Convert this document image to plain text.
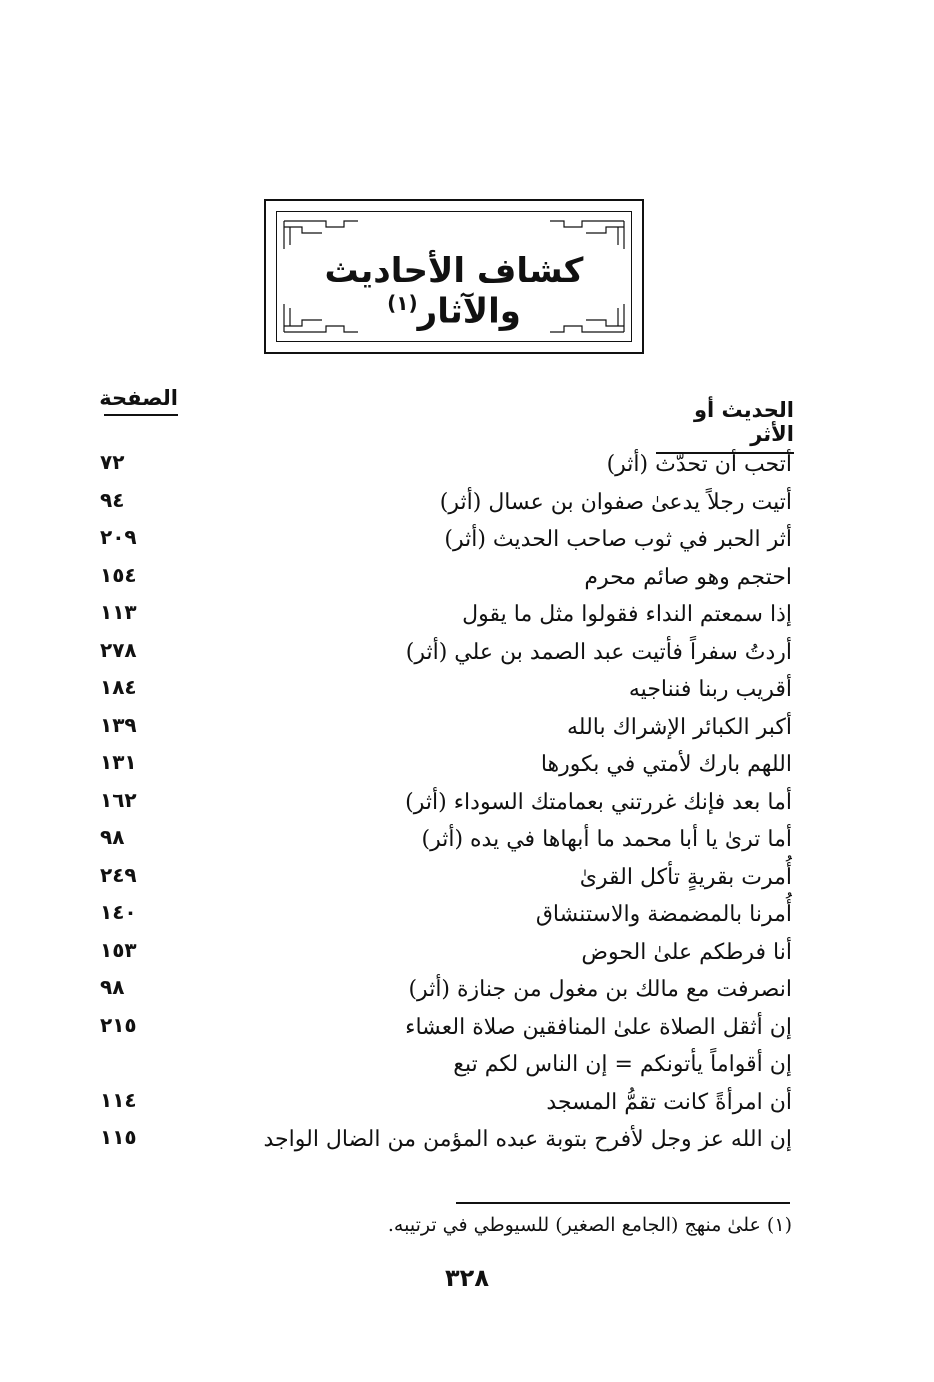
كشاف الأحاديث والآثار$^{(١)}$
الصفحة	الحديث أو الأثر
أتحب أن تحدّث (أثر)
٧٢
أتيت رجلاً يدعىٰ صفوان بن عسال (أثر)
٩٤
أثر الحبر في ثوب صاحب الحديث (أثر)
٢٠٩
احتجم وهو صائم محرم
١٥٤
إذا سمعتم النداء فقولوا مثل ما يقول
١١٣
أردتُ سفراً فأتيت عبد الصمد بن علي (أثر)
٢٧٨
أقريب ربنا فنناجيه
١٨٤
أكبر الكبائر الإشراك بالله
١٣٩
اللهم بارك لأمتي في بكورها
١٣١
أما بعد فإنك غررتني بعمامتك السوداء (أثر)
١٦٢
أما ترىٰ يا أبا محمد ما أبهاها في يده (أثر)
٩٨
أُمرت بقريةٍ تأكل القرىٰ
٢٤٩
أُمرنا بالمضمضة والاستنشاق
١٤٠
أنا فرطكم علىٰ الحوض
١٥٣
انصرفت مع مالك بن مغول من جنازة (أثر)
٩٨
إن أثقل الصلاة علىٰ المنافقين صلاة العشاء
٢١٥
إن أقواماً يأتونكم = إن الناس لكم تبع
أن امرأةً كانت تقمُّ المسجد
١١٤
إن الله عز وجل لأفرح بتوبة عبده المؤمن من الضال الواجد
١١٥
(١) علىٰ منهج (الجامع الصغير) للسيوطي في ترتيبه.
٣٢٨
